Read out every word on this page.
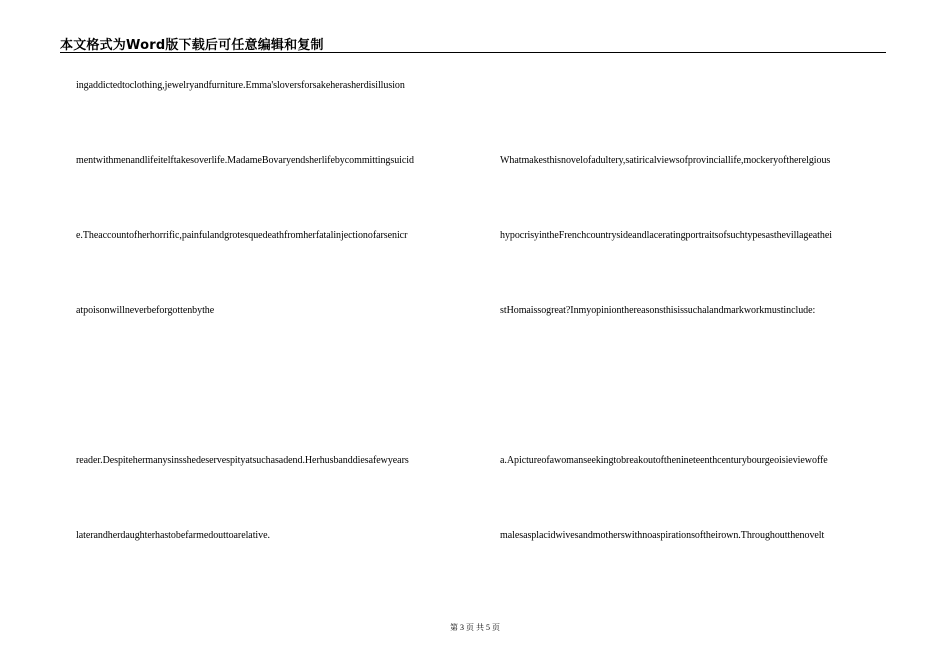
本文格式为Word版下载后可任意编辑和复制
ingaddictedtoclothing,jewelryandfurniture.Emma'sloversforsakeherasherdisillusion
mentwithmenandlifeitelftakesoverlife.MadameBovaryendsherlifebycommittingsuicid
e.Theaccountofherhorrific,painfulandgrotesquedeathfromherfatalinjectionofarsenicr
atpoisonwillneverbeforgottenbythe
reader.Despitehermanysinsshedeservespityatsuchasadend.Herhusbanddiesafewyears
laterandherdaughterhastobefarmedouttoarelative.
Whatmakesthisnovelofadultery,satiricalviewsofprovinciallife,mockeryoftherelgious
hypocrisyintheFrenchcountrysideandlaceratingportraitsofsuchtypesasthevillageathei
stHomaissogreat?Inmyopinionthereasonsthisissuchalandmarkworkmustinclude:
a.Apictureofawomanseekingtobreakoutofthenineteenthcenturybourgeoisieviewoffe
malesasplacidwivesandmotherswithnoaspirationsoftheirown.Throughoutthenovelt
第 3 页 共 5 页
